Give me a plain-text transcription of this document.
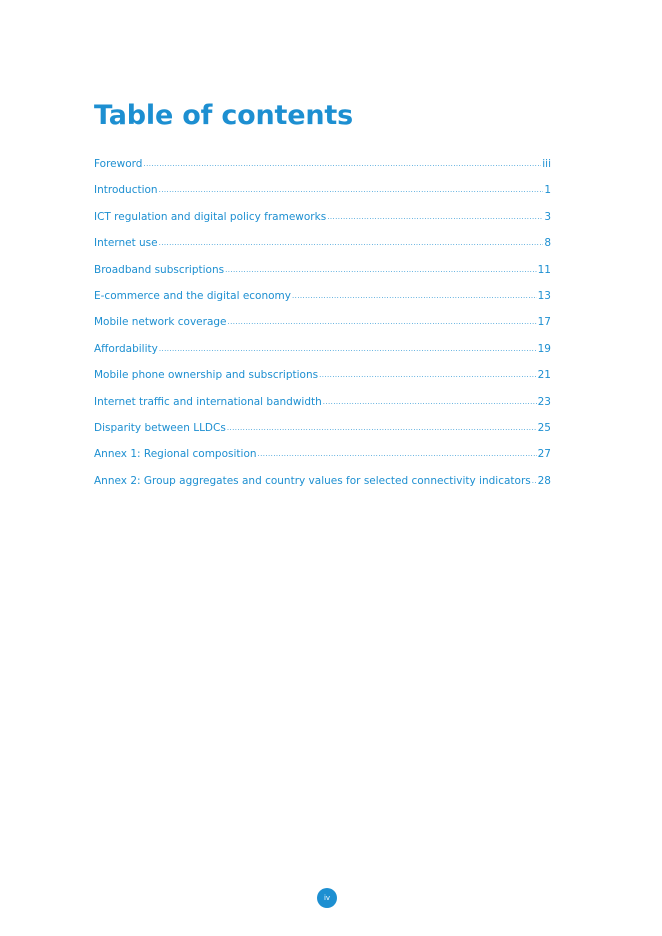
Table of contents
Foreword .....	iii
Introduction .....	1
ICT regulation and digital policy frameworks .....	3
Internet use .....	8
Broadband subscriptions .....	11
E-commerce and the digital economy .....	13
Mobile network coverage .....	17
Affordability .....	19
Mobile phone ownership and subscriptions .....	21
Internet traffic and international bandwidth .....	23
Disparity between LLDCs .....	25
Annex 1: Regional composition .....	27
Annex 2: Group aggregates and country values for selected connectivity indicators ..... 28
iv
